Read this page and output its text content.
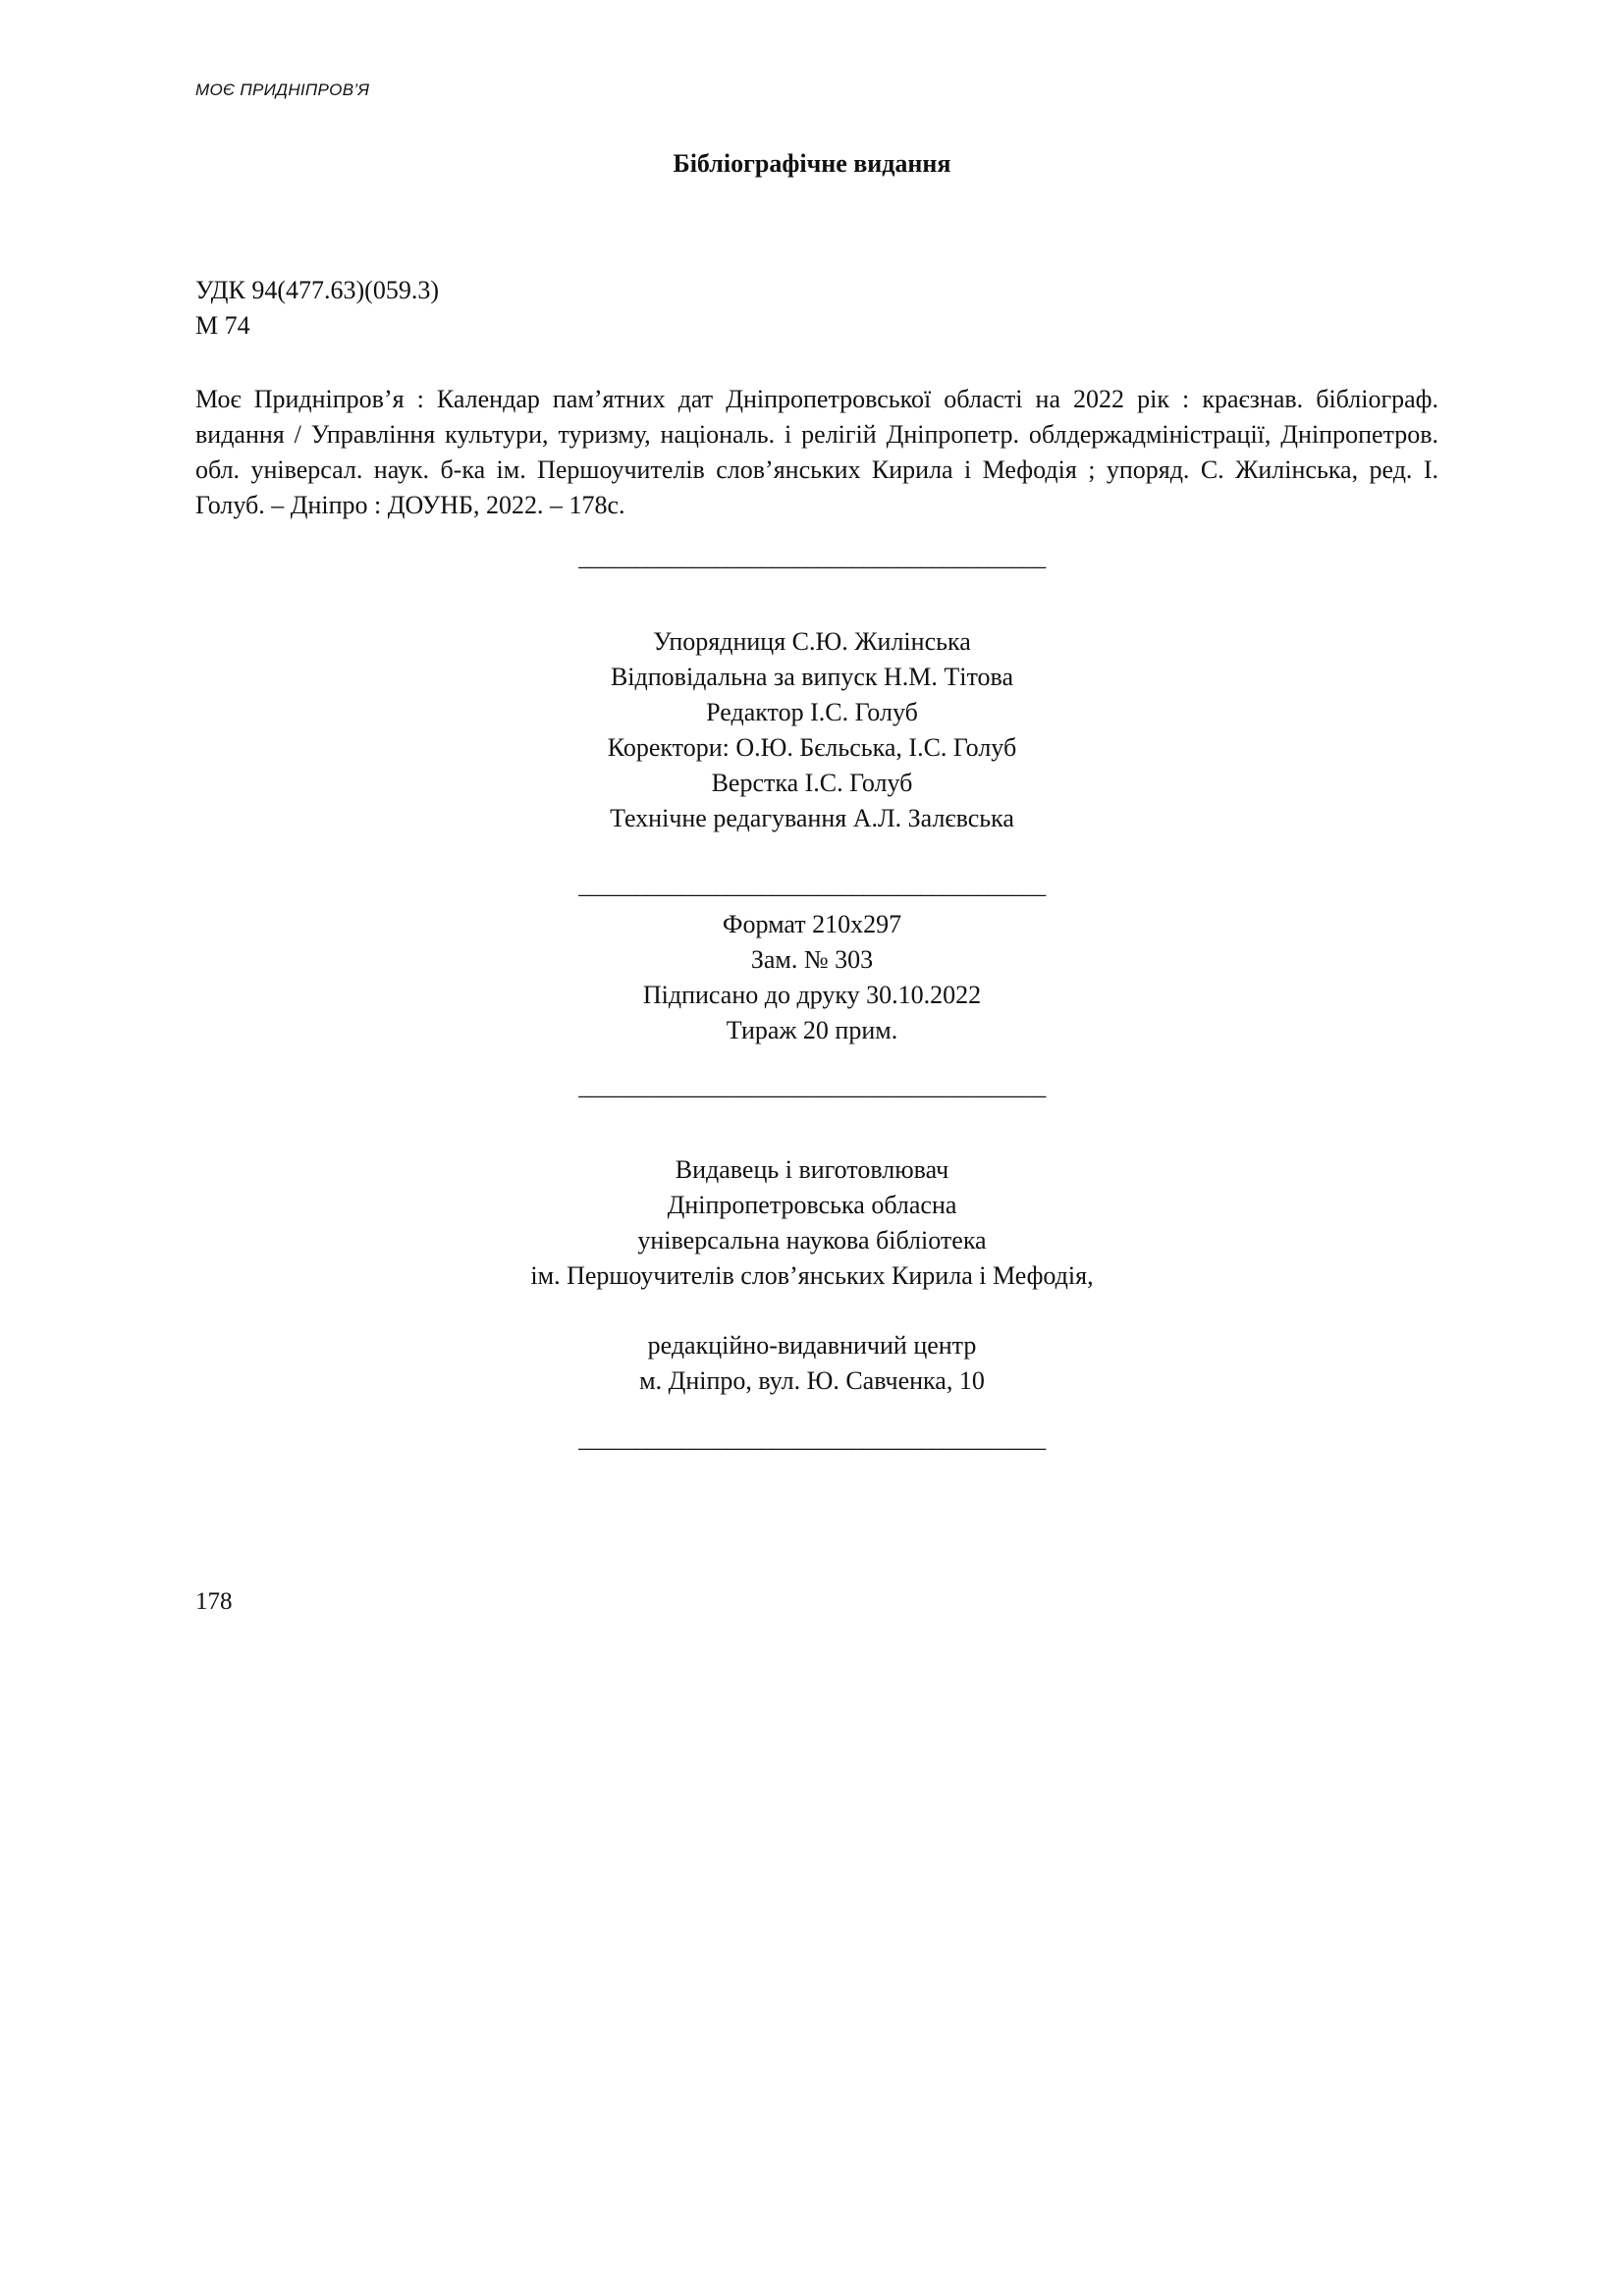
МОЄ ПРИДНІПРОВ’Я
Бібліографічне видання
УДК 94(477.63)(059.3)
М 74

Моє Придніпров’я : Календар пам’ятних дат Дніпропетровської області на 2022 рік : краєзнав. бібліограф. видання / Управління культури, туризму, національ. і релігій Дніпропетр. облдержадміністрації, Дніпропетров. обл. універсал. наук. б-ка ім. Першоучителів слов’янських Кирила і Мефодія ; упоряд. С. Жилінська, ред. І. Голуб. – Дніпро : ДОУНБ, 2022. – 178с.

_________________________________________
Упорядниця С.Ю. Жилінська
Відповідальна за випуск Н.М. Тітова
Редактор І.С. Голуб
Коректори: О.Ю. Бєльська, І.С. Голуб
Верстка І.С. Голуб
Технічне редагування А.Л. Залєвська
_________________________________________
Формат 210х297
Зам. № 303
Підписано до друку 30.10.2022
Тираж 20 прим.
_________________________________________
Видавець і виготовлювач
Дніпропетровська обласна
універсальна наукова бібліотека
ім. Першоучителів слов’янських Кирила і Мефодія,
редакційно-видавничий центр
м. Дніпро, вул. Ю. Савченка, 10
_________________________________________
178
